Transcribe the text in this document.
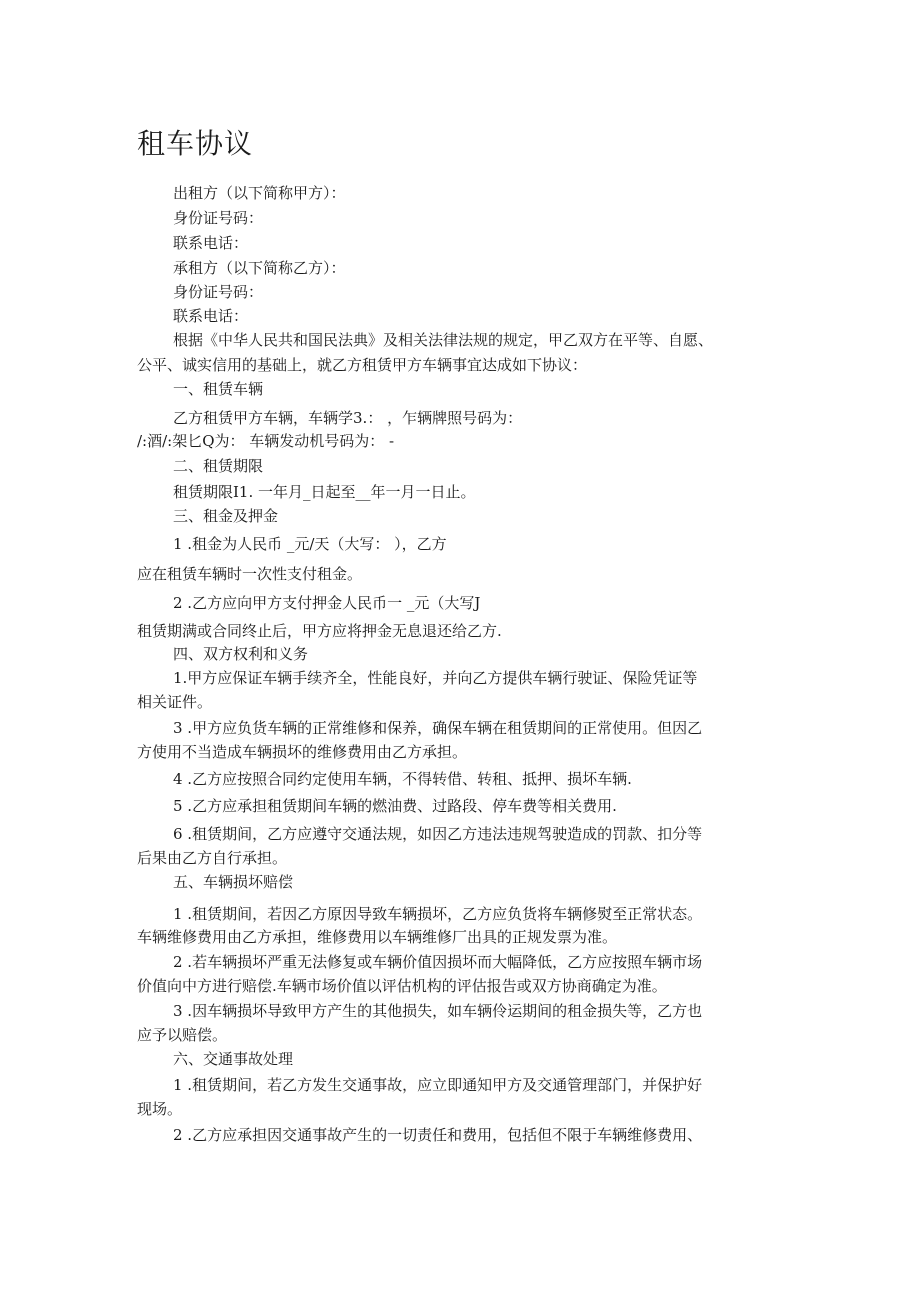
租车协议
出租方（以下简称甲方）：
身份证号码：
联系电话：
承租方（以下简称乙方）：
身份证号码：
联系电话：
根据《中华人民共和国民法典》及相关法律法规的规定，甲乙双方在平等、自愿、
公平、诚实信用的基础上，就乙方租赁甲方车辆事宜达成如下协议：
一、租赁车辆
乙方租赁甲方车辆，车辆学3.： ，乍辆牌照号码为：
/:酒/:架匕Q为： 车辆发动机号码为： -
二、租赁期限
租赁期限I1. 一年月_日起至__年一月一日止。
三、租金及押金
1 .租金为人民币 _元/天（大写： ），乙方
应在租赁车辆时一次性支付租金。
2 .乙方应向甲方支付押金人民币一 _元（大写J
租赁期满或合同终止后，甲方应将押金无息退还给乙方.
四、双方权利和义务
1.甲方应保证车辆手续齐全，性能良好，并向乙方提供车辆行驶证、保险凭证等
相关证件。
3 .甲方应负货车辆的正常维修和保养，确保车辆在租赁期间的正常使用。但因乙
方使用不当造成车辆损坏的维修费用由乙方承担。
4 .乙方应按照合同约定使用车辆，不得转借、转租、抵押、损坏车辆.
5 .乙方应承担租赁期间车辆的燃油费、过路段、停车费等相关费用.
6 .租赁期间，乙方应遵守交通法规，如因乙方违法违规驾驶造成的罚款、扣分等
后果由乙方自行承担。
五、车辆损坏赔偿
1 .租赁期间，若因乙方原因导致车辆损坏，乙方应负货将车辆修熨至正常状态。
车辆维修费用由乙方承担，维修费用以车辆维修厂出具的正规发票为准。
2 .若车辆损坏严重无法修复或车辆价值因损坏而大幅降低，乙方应按照车辆市场
价值向中方进行赔偿.车辆市场价值以评估机构的评估报告或双方协商确定为准。
3 .因车辆损坏导致甲方产生的其他损失，如车辆伶运期间的租金损失等，乙方也
应予以赔偿。
六、交通事故处理
1 .租赁期间，若乙方发生交通事故，应立即通知甲方及交通管理部门，并保护好
现场。
2 .乙方应承担因交通事故产生的一切责任和费用，包括但不限于车辆维修费用、
